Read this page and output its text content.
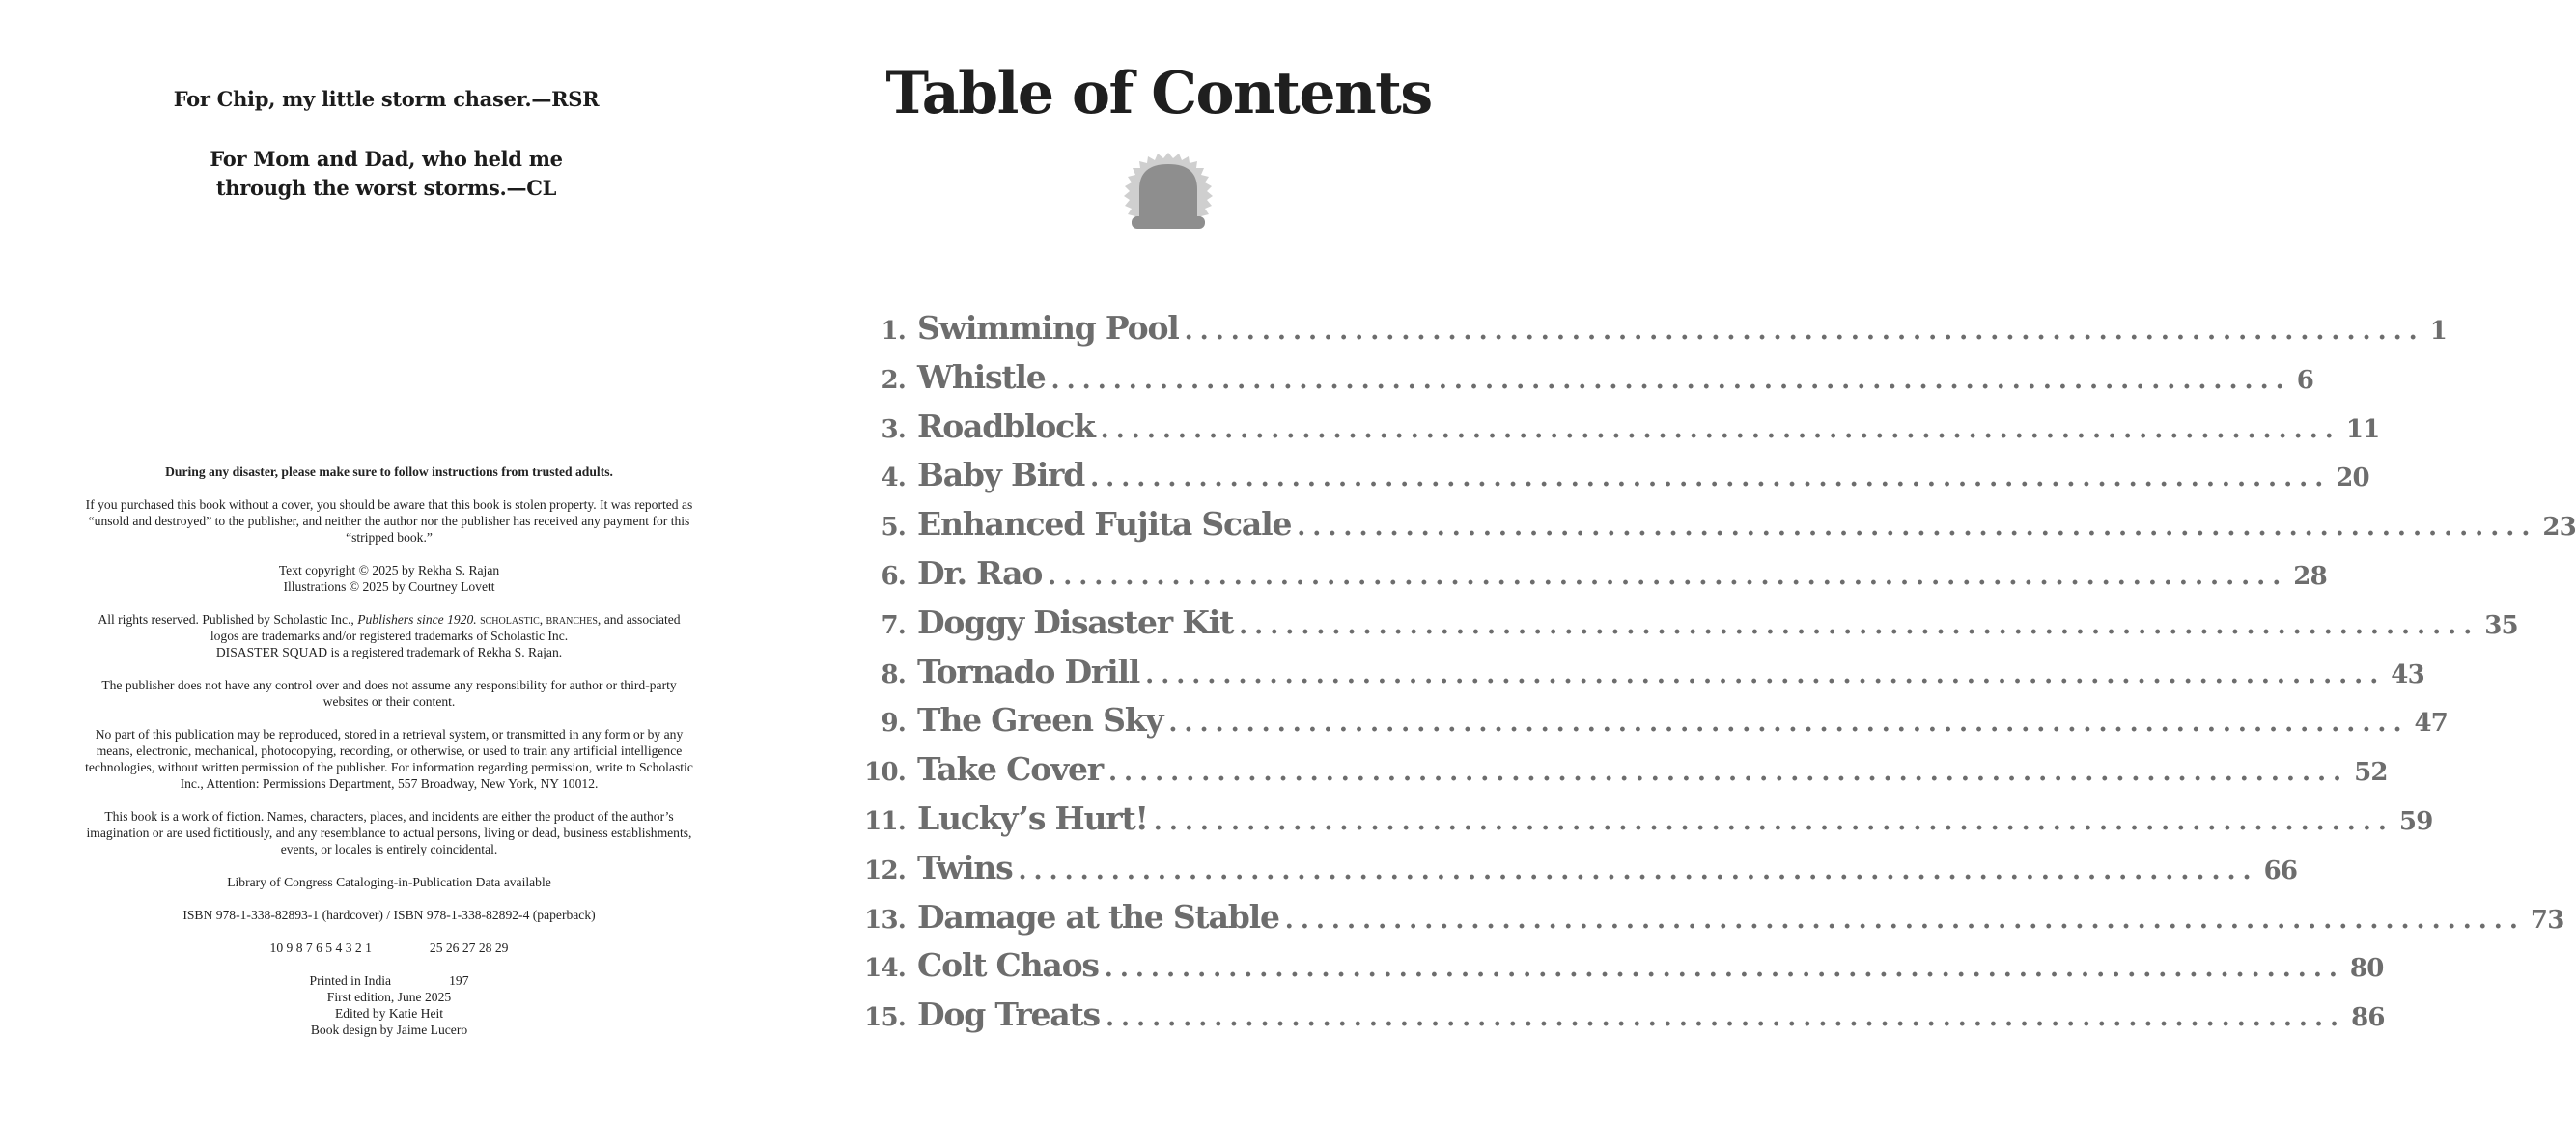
For Chip, my little storm chaser.—RSR
For Mom and Dad, who held me
through the worst storms.—CL

During any disaster, please make sure to follow instructions from trusted adults.

If you purchased this book without a cover, you should be aware that this book is stolen property. It was reported as
“unsold and destroyed” to the publisher, and neither the author nor the publisher has received any payment for this
“stripped book.”

Text copyright © 2025 by Rekha S. Rajan
Illustrations © 2025 by Courtney Lovett

All rights reserved. Published by Scholastic Inc., Publishers since 1920. scholastic, branches, and associated
logos are trademarks and/or registered trademarks of Scholastic Inc.
DISASTER SQUAD is a registered trademark of Rekha S. Rajan.

The publisher does not have any control over and does not assume any responsibility for author or third-party
websites or their content.

No part of this publication may be reproduced, stored in a retrieval system, or transmitted in any form or by any
means, electronic, mechanical, photocopying, recording, or otherwise, or used to train any artificial intelligence
technologies, without written permission of the publisher. For information regarding permission, write to Scholastic
Inc., Attention: Permissions Department, 557 Broadway, New York, NY 10012.

This book is a work of fiction. Names, characters, places, and incidents are either the product of the author’s
imagination or are used fictitiously, and any resemblance to actual persons, living or dead, business establishments,
events, or locales is entirely coincidental.

Library of Congress Cataloging-in-Publication Data available

ISBN 978-1-338-82893-1 (hardcover) / ISBN 978-1-338-82892-4 (paperback)

10 9 8 7 6 5 4 3 2 1	25 26 27 28 29

Printed in India	197
First edition, June 2025
Edited by Katie Heit
Book design by Jaime Lucero

Table of Contents
1. Swimming Pool ................................................................................ 1
2. Whistle ................................................................................ 6
3. Roadblock ................................................................................ 11
4. Baby Bird ................................................................................ 20
5. Enhanced Fujita Scale ................................................................................ 23
6. Dr. Rao ................................................................................ 28
7. Doggy Disaster Kit ................................................................................ 35
8. Tornado Drill ................................................................................ 43
9. The Green Sky ................................................................................ 47
10. Take Cover ................................................................................ 52
11. Lucky’s Hurt! ................................................................................ 59
12. Twins ................................................................................ 66
13. Damage at the Stable ................................................................................ 73
14. Colt Chaos ................................................................................ 80
15. Dog Treats ................................................................................ 86
